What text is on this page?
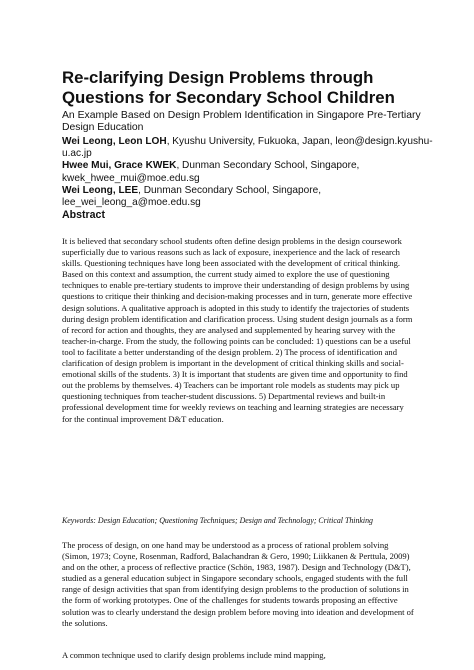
Re-clarifying Design Problems through Questions for Secondary School Children

An Example Based on Design Problem Identification in Singapore Pre-Tertiary Design Education

Wei Leong, Leon LOH, Kyushu University, Fukuoka, Japan, leon@design.kyushu-
u.ac.jp
Hwee Mui, Grace KWEK, Dunman Secondary School, Singapore,
kwek_hwee_mui@moe.edu.sg
Wei Leong, LEE, Dunman Secondary School, Singapore,
lee_wei_leong_a@moe.edu.sg
Abstract

It is believed that secondary school students often define design problems in the design coursework superficially due to various reasons such as lack of exposure, inexperience and the lack of research skills. Questioning techniques have long been associated with the development of critical thinking. Based on this context and assumption, the current study aimed to explore the use of questioning techniques to enable pre-tertiary students to improve their understanding of design problems by using questions to critique their thinking and decision-making processes and in turn, generate more effective design solutions. A qualitative approach is adopted in this study to identify the trajectories of students during design problem identification and clarification process. Using student design journals as a form of record for action and thoughts, they are analysed and supplemented by hearing survey with the teacher-in-charge. From the study, the following points can be concluded: 1) questions can be a useful tool to facilitate a better understanding of the design problem. 2) The process of identification and clarification of design problem is important in the development of critical thinking skills and social-emotional skills of the students. 3) It is important that students are given time and opportunity to find out the problems by themselves. 4) Teachers can be important role models as students may pick up questioning techniques from teacher-student discussions. 5) Departmental reviews and built-in professional development time for weekly reviews on teaching and learning strategies are necessary for the continual improvement D&T education.

Keywords: Design Education; Questioning Techniques; Design and Technology; Critical Thinking

The process of design, on one hand may be understood as a process of rational problem solving (Simon, 1973; Coyne, Rosenman, Radford, Balachandran & Gero, 1990; Liikkanen & Perttula, 2009) and on the other, a process of reflective practice (Schön, 1983, 1987). Design and Technology (D&T), studied as a general education subject in Singapore secondary schools, engaged students with the full range of design activities that span from identifying design problems to the production of solutions in the form of working prototypes. One of the challenges for students towards proposing an effective solution was to clearly understand the design problem before moving into ideation and development of the solutions.

A common technique used to clarify design problems include mind mapping,
